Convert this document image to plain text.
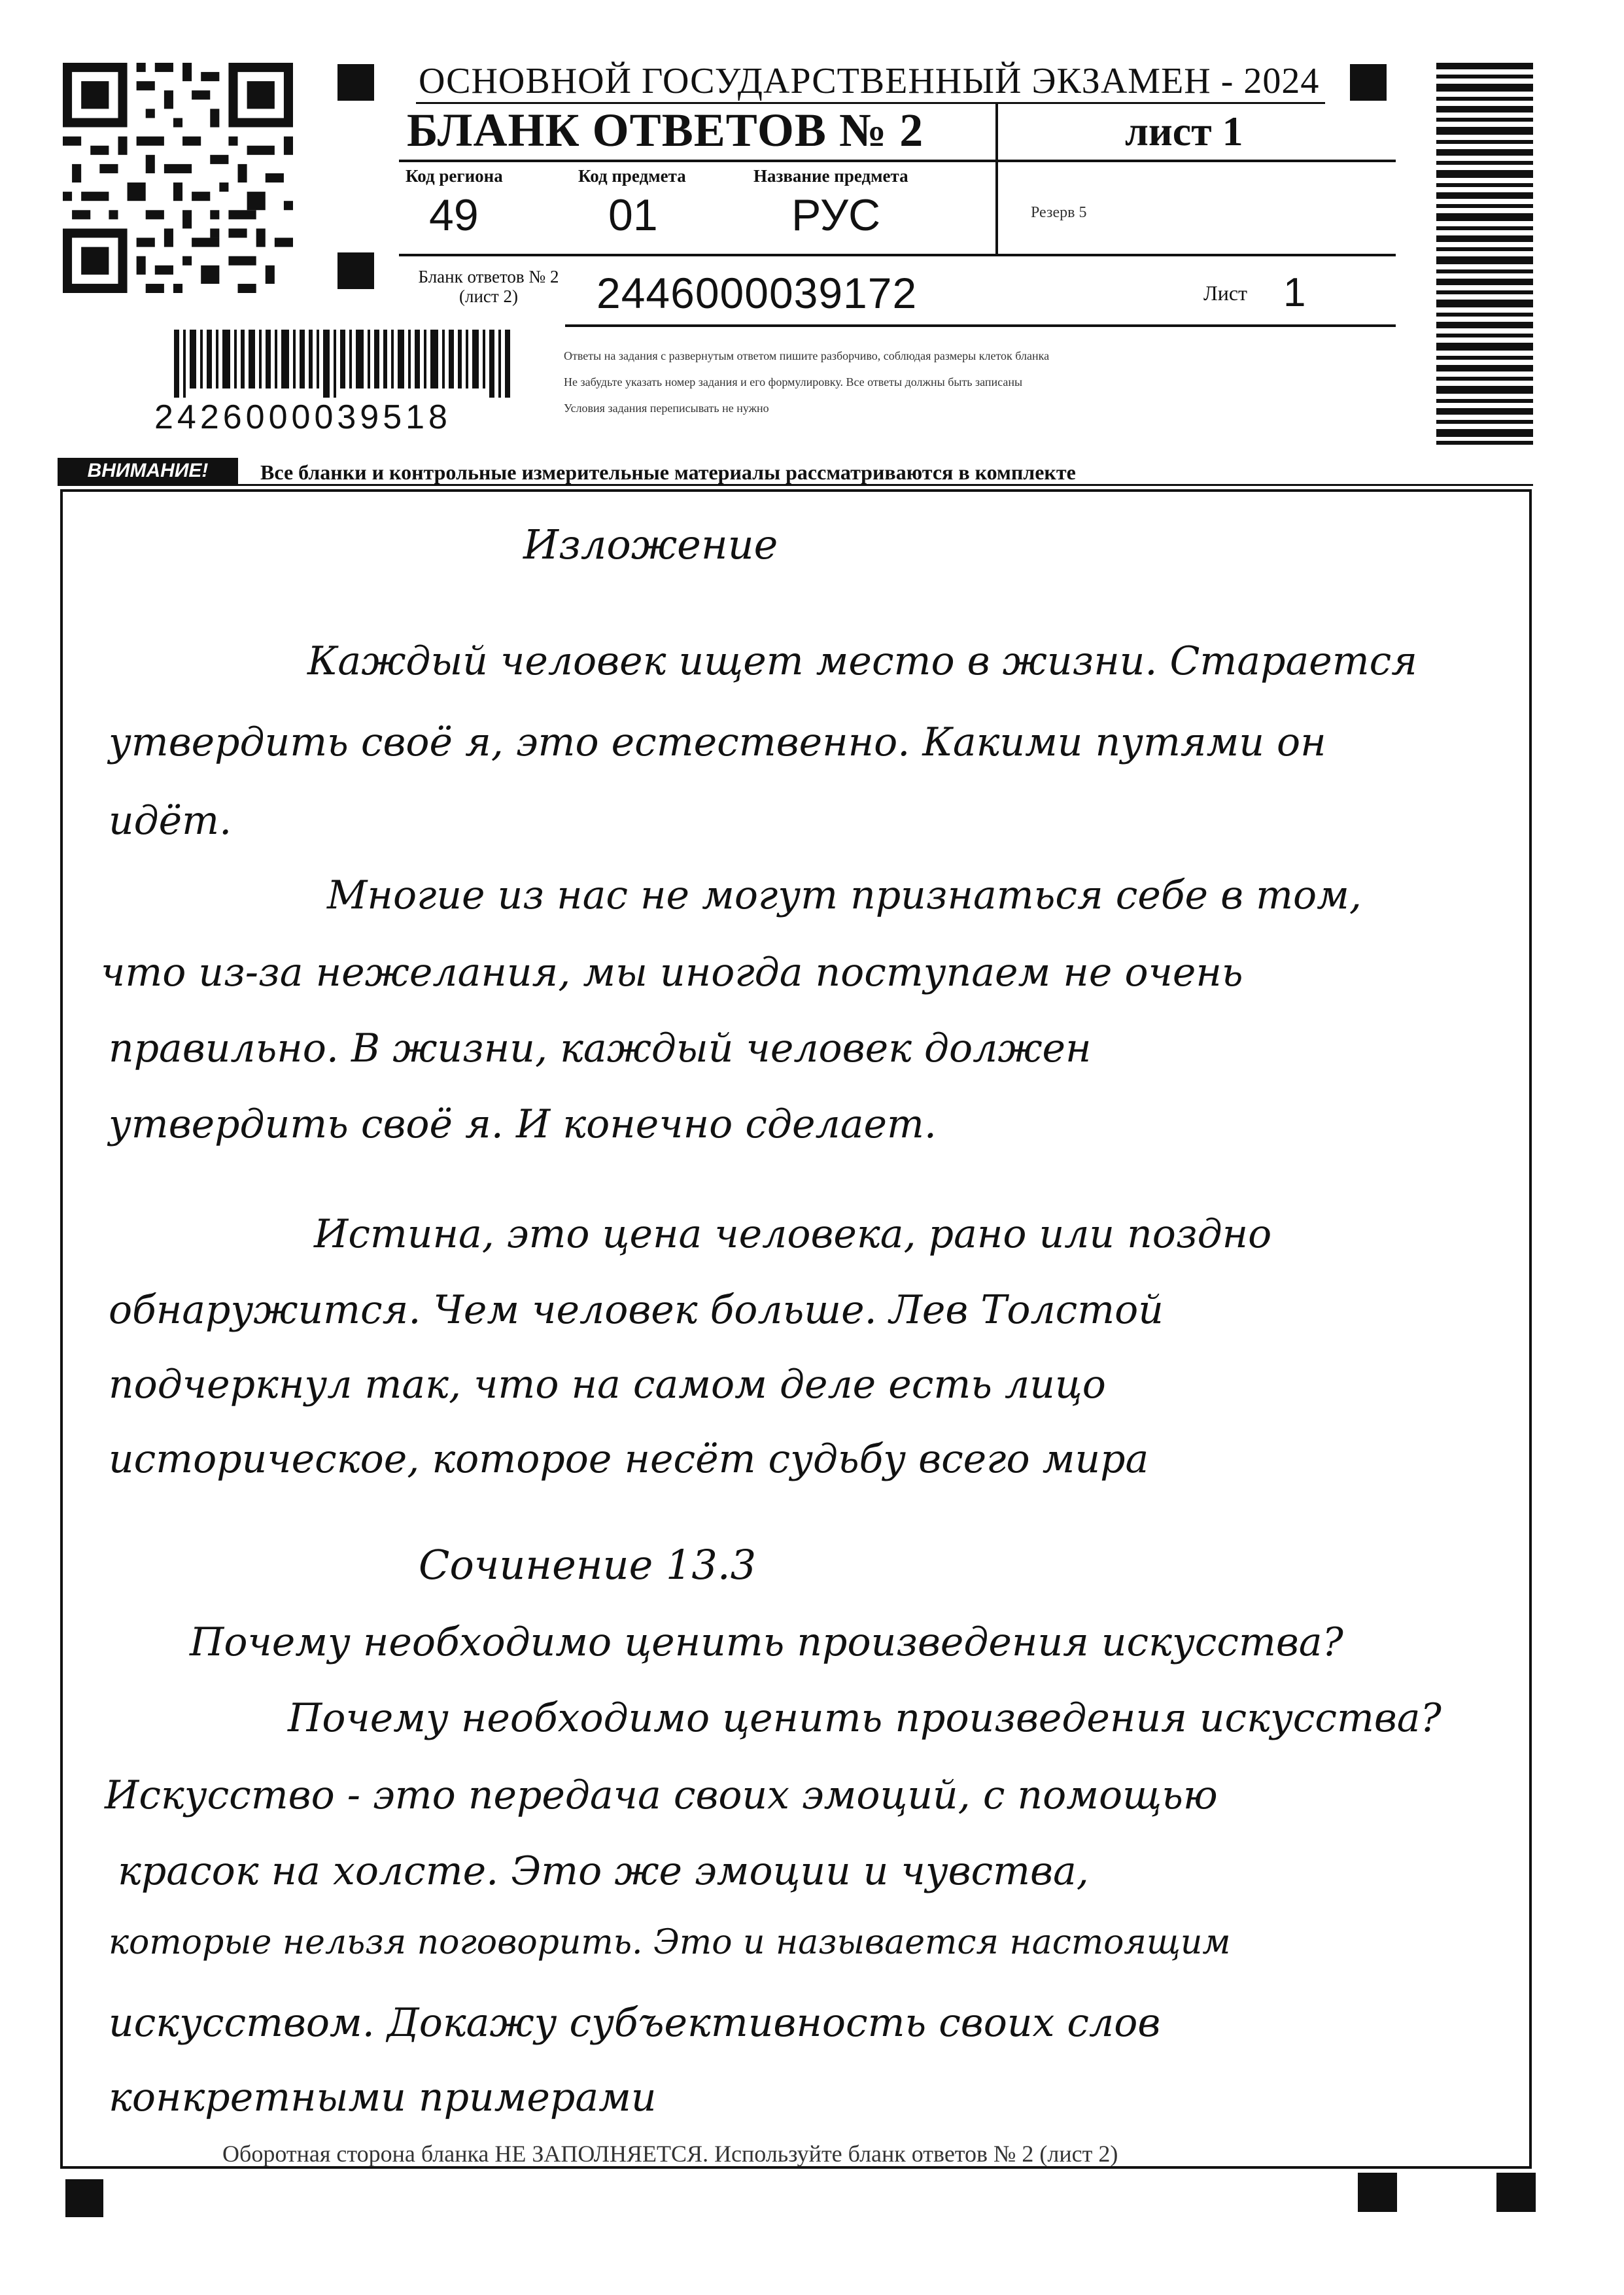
ОСНОВНОЙ ГОСУДАРСТВЕННЫЙ ЭКЗАМЕН - 2024
БЛАНК ОТВЕТОВ № 2	лист 1
Код региона
49
Код предмета
01
Название предмета
РУС	Резерв 5
Бланк ответов № 2 (лист 2)	2446000039172	Лист 1
Ответы на задания с развернутым ответом пишите разборчиво, соблюдая размеры клеток бланка
Не забудьте указать номер задания и его формулировку. Все ответы должны быть записаны
Условия задания переписывать не нужно
2426000039518
ВНИМАНИЕ!	Все бланки и контрольные измерительные материалы рассматриваются в комплекте
Изложение
Каждый человек ищет место в жизни. Старается
утвердить своё я, это естественно. Какими путями он
идёт.
Многие из нас не могут признаться себе в том,
что из-за нежелания, мы иногда поступаем не очень
правильно. В жизни, каждый человек должен
утвердить своё я. И конечно сделает.
Истина, это цена человека, рано или поздно
обнаружится. Чем человек больше. Лев Толстой
подчеркнул так, что на самом деле есть лицо
историческое, которое несёт судьбу всего мира
Сочинение 13.3
Почему необходимо ценить произведения искусства?
Почему необходимо ценить произведения искусства?
Искусство - это передача своих эмоций, с помощью
красок на холсте. Это же эмоции и чувства,
которые нельзя поговорить. Это и называется настоящим
искусством. Докажу субъективность своих слов
конкретными примерами
Оборотная сторона бланка НЕ ЗАПОЛНЯЕТСЯ. Используйте бланк ответов № 2 (лист 2)
